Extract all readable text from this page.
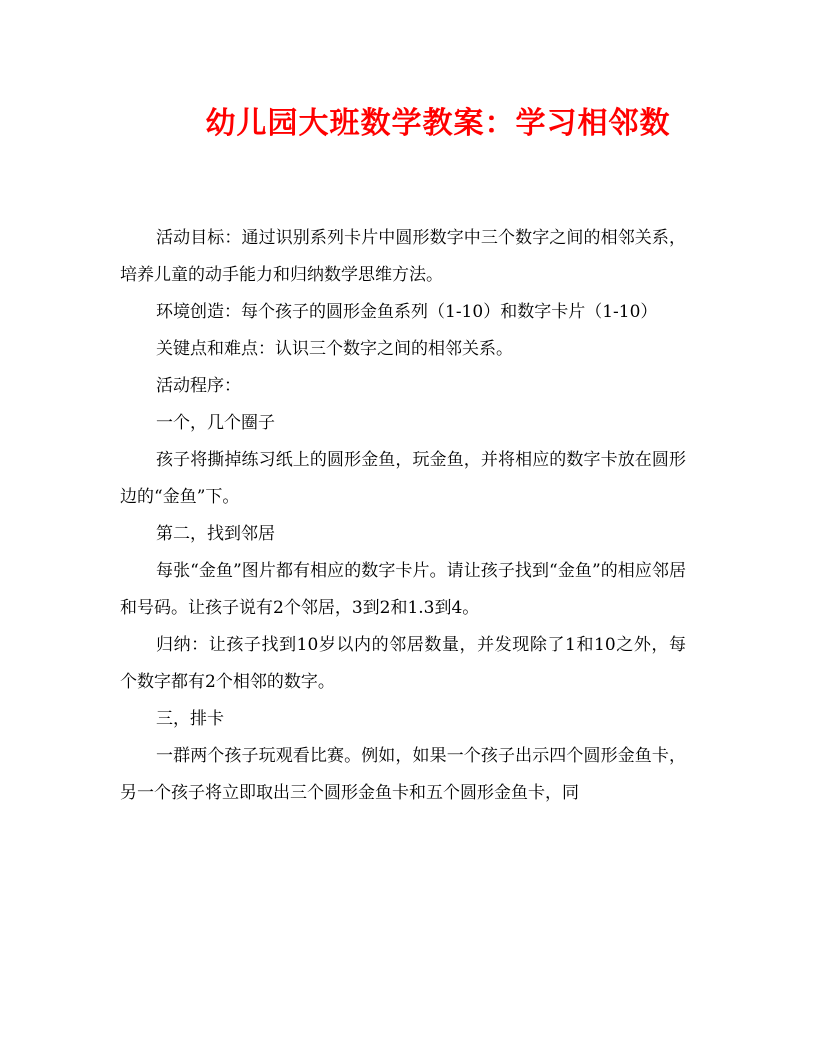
幼儿园大班数学教案：学习相邻数

活动目标：通过识别系列卡片中圆形数字中三个数字之间的相邻关系，培养儿童的动手能力和归纳数学思维方法。

环境创造：每个孩子的圆形金鱼系列（1-10）和数字卡片（1-10）

关键点和难点：认识三个数字之间的相邻关系。

活动程序：

一个，几个圈子

孩子将撕掉练习纸上的圆形金鱼，玩金鱼，并将相应的数字卡放在圆形边的“金鱼”下。

第二，找到邻居

每张“金鱼”图片都有相应的数字卡片。请让孩子找到“金鱼”的相应邻居和号码。让孩子说有2个邻居，3到2和1.3到4。

归纳：让孩子找到10岁以内的邻居数量，并发现除了1和10之外，每个数字都有2个相邻的数字。

三，排卡

一群两个孩子玩观看比赛。例如，如果一个孩子出示四个圆形金鱼卡，另一个孩子将立即取出三个圆形金鱼卡和五个圆形金鱼卡，同
